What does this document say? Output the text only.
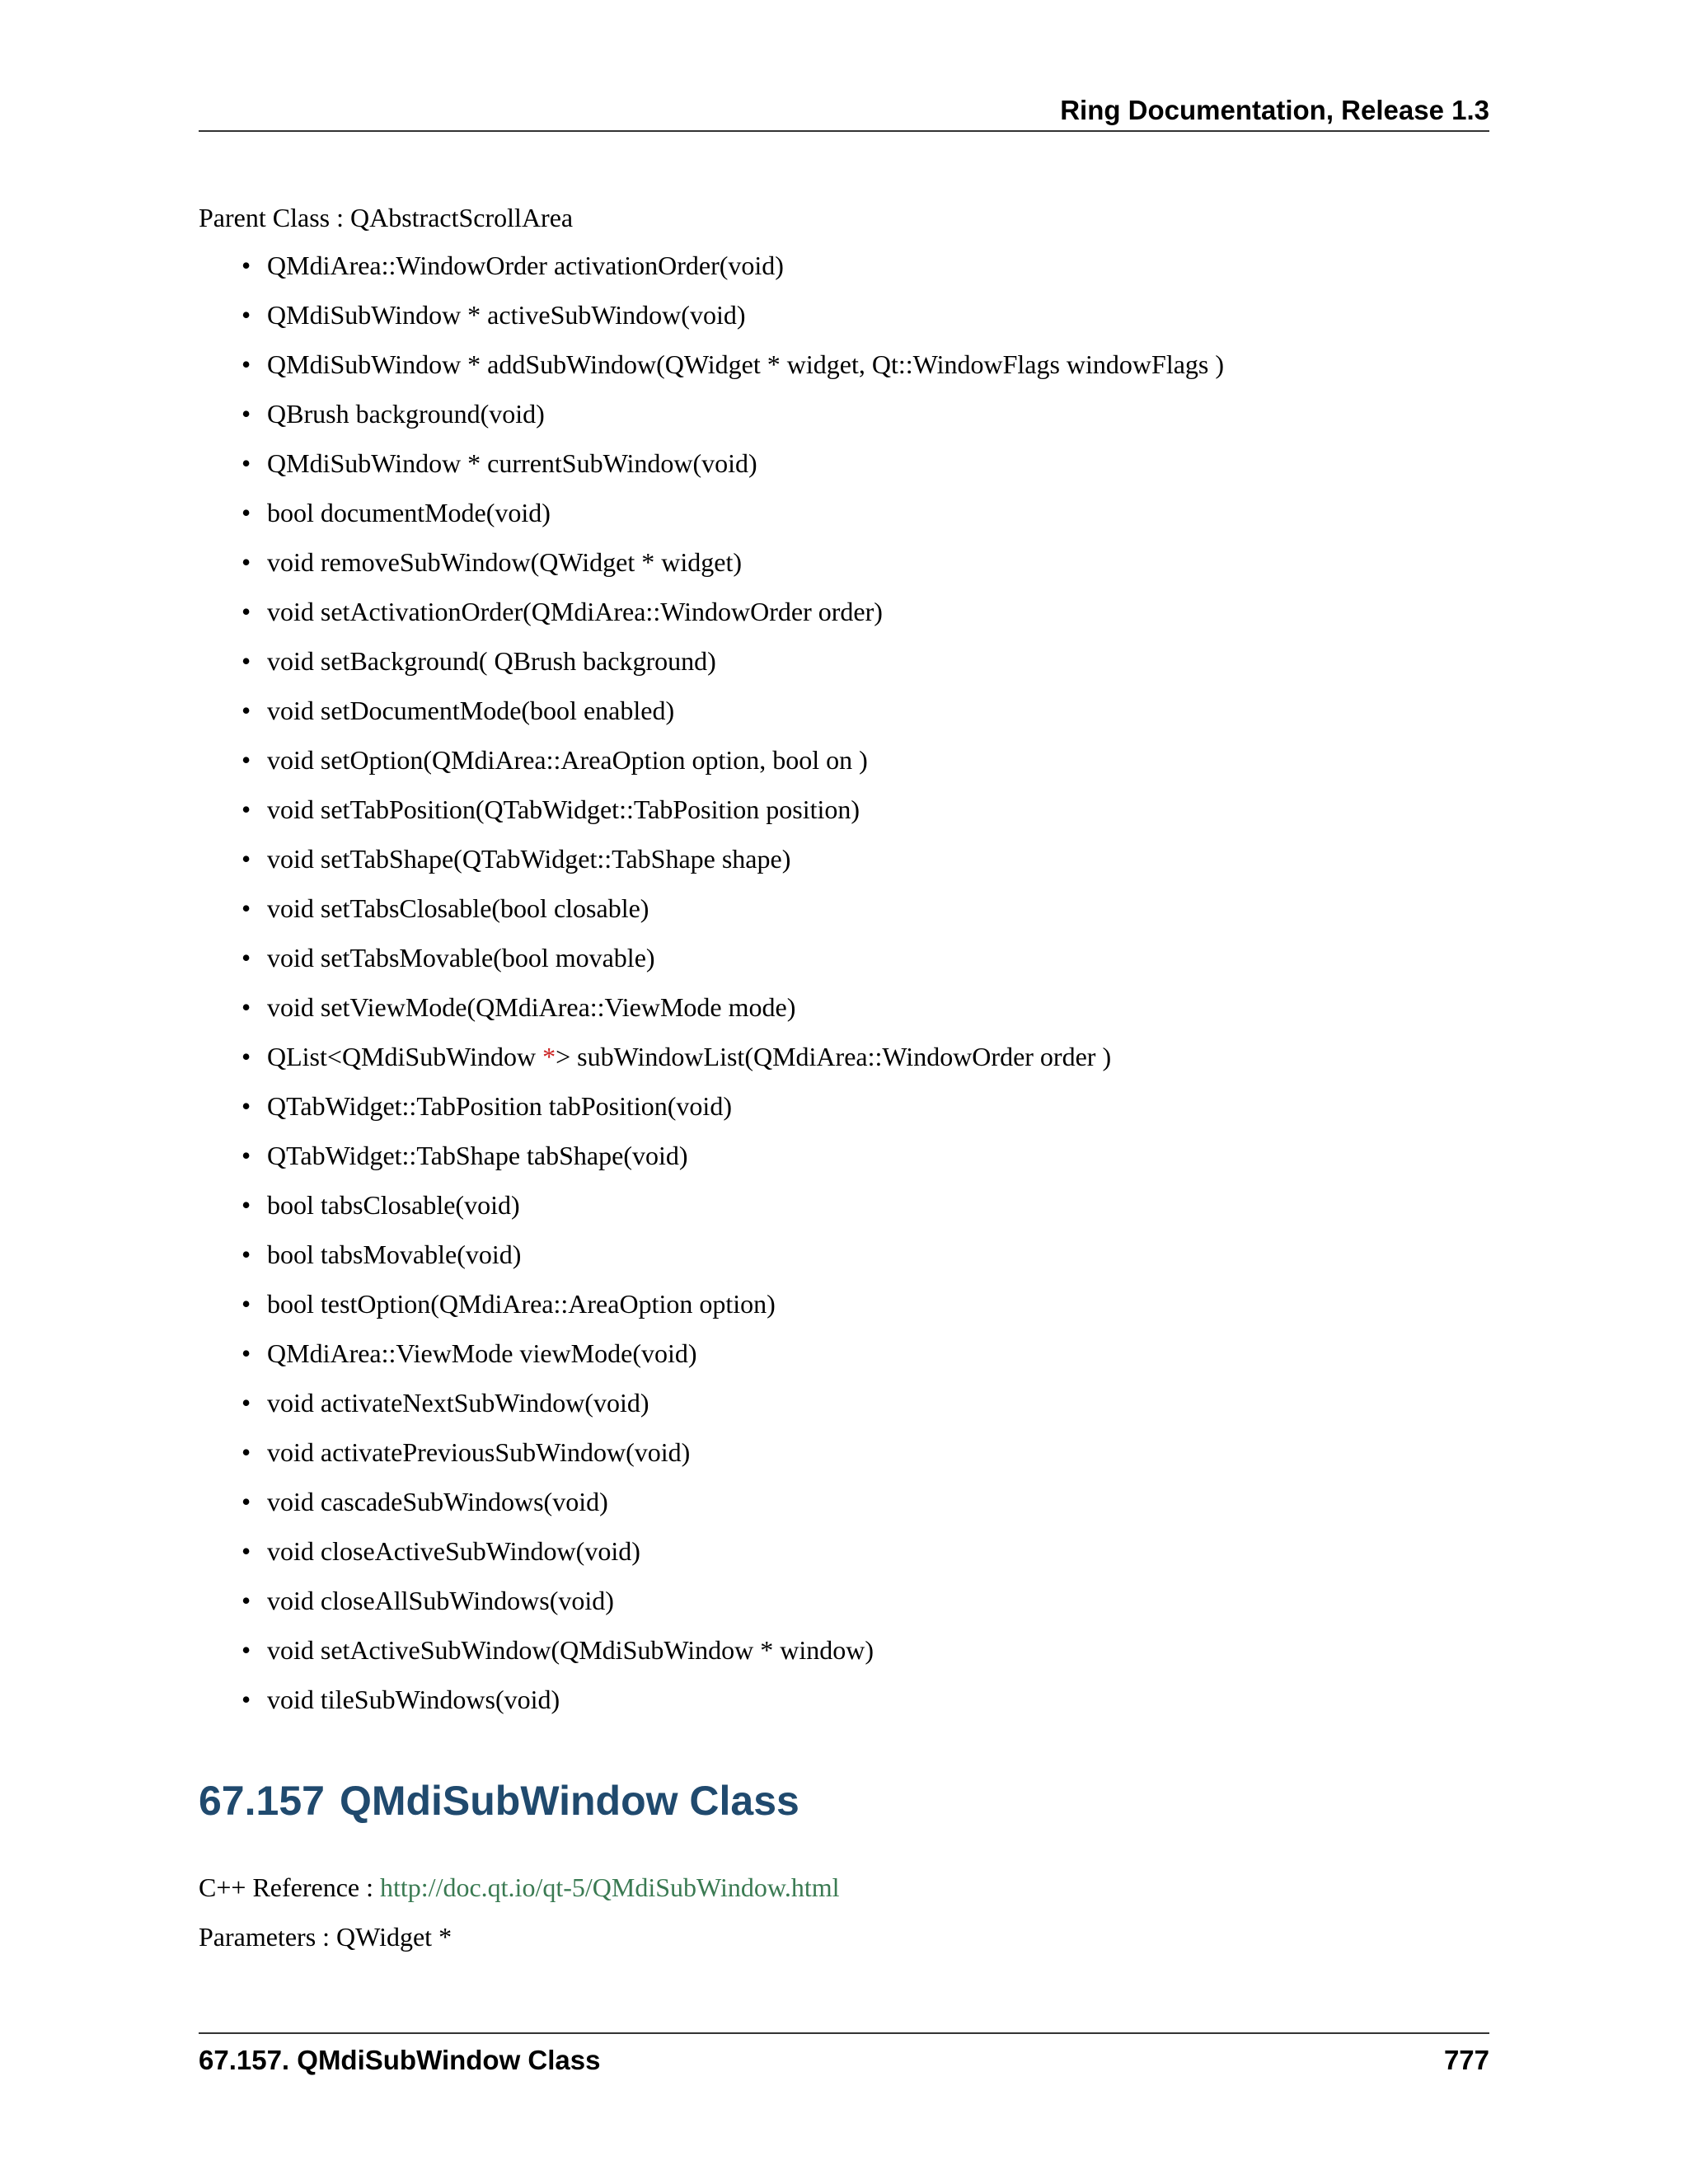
Ring Documentation, Release 1.3
Parent Class : QAbstractScrollArea
• QMdiArea::WindowOrder activationOrder(void)
• QMdiSubWindow * activeSubWindow(void)
• QMdiSubWindow * addSubWindow(QWidget * widget, Qt::WindowFlags windowFlags )
• QBrush background(void)
• QMdiSubWindow * currentSubWindow(void)
• bool documentMode(void)
• void removeSubWindow(QWidget * widget)
• void setActivationOrder(QMdiArea::WindowOrder order)
• void setBackground( QBrush background)
• void setDocumentMode(bool enabled)
• void setOption(QMdiArea::AreaOption option, bool on )
• void setTabPosition(QTabWidget::TabPosition position)
• void setTabShape(QTabWidget::TabShape shape)
• void setTabsClosable(bool closable)
• void setTabsMovable(bool movable)
• void setViewMode(QMdiArea::ViewMode mode)
• QList<QMdiSubWindow *> subWindowList(QMdiArea::WindowOrder order )
• QTabWidget::TabPosition tabPosition(void)
• QTabWidget::TabShape tabShape(void)
• bool tabsClosable(void)
• bool tabsMovable(void)
• bool testOption(QMdiArea::AreaOption option)
• QMdiArea::ViewMode viewMode(void)
• void activateNextSubWindow(void)
• void activatePreviousSubWindow(void)
• void cascadeSubWindows(void)
• void closeActiveSubWindow(void)
• void closeAllSubWindows(void)
• void setActiveSubWindow(QMdiSubWindow * window)
• void tileSubWindows(void)
67.157 QMdiSubWindow Class
C++ Reference : http://doc.qt.io/qt-5/QMdiSubWindow.html
Parameters : QWidget *
67.157. QMdiSubWindow Class	777
